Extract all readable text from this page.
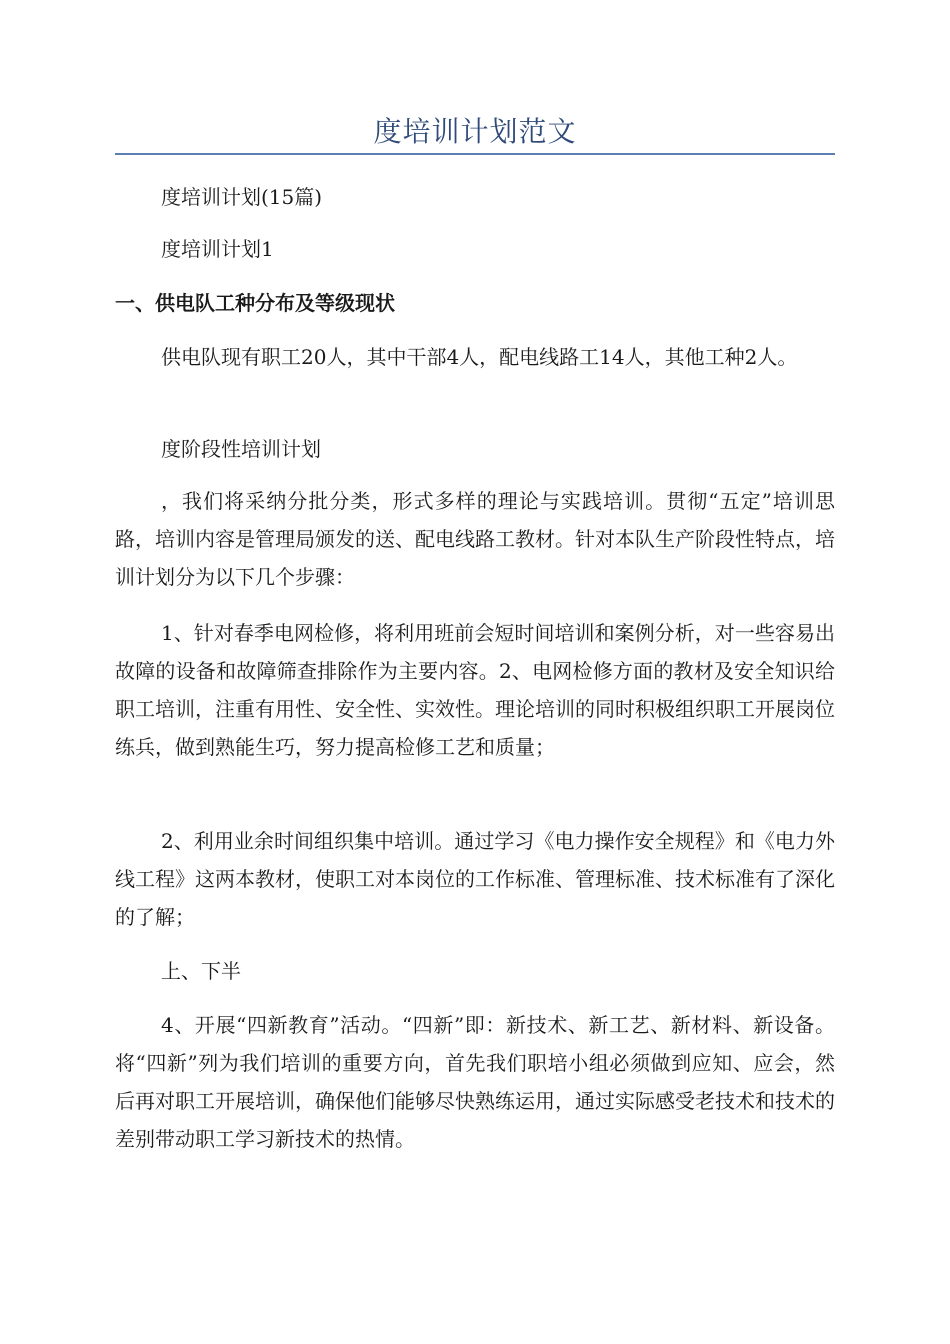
度培训计划范文

度培训计划(15篇)

度培训计划1

一、供电队工种分布及等级现状

供电队现有职工20人，其中干部4人，配电线路工14人，其他工种2人。

度阶段性培训计划

，我们将采纳分批分类，形式多样的理论与实践培训。贯彻“五定”培训思路，培训内容是管理局颁发的送、配电线路工教材。针对本队生产阶段性特点，培训计划分为以下几个步骤：

1、针对春季电网检修，将利用班前会短时间培训和案例分析，对一些容易出故障的设备和故障筛查排除作为主要内容。2、电网检修方面的教材及安全知识给职工培训，注重有用性、安全性、实效性。理论培训的同时积极组织职工开展岗位练兵，做到熟能生巧，努力提高检修工艺和质量；

2、利用业余时间组织集中培训。通过学习《电力操作安全规程》和《电力外线工程》这两本教材，使职工对本岗位的工作标准、管理标准、技术标准有了深化的了解；

上、下半

4、开展“四新教育”活动。“四新”即：新技术、新工艺、新材料、新设备。将“四新”列为我们培训的重要方向，首先我们职培小组必须做到应知、应会，然后再对职工开展培训，确保他们能够尽快熟练运用，通过实际感受老技术和技术的差别带动职工学习新技术的热情。
